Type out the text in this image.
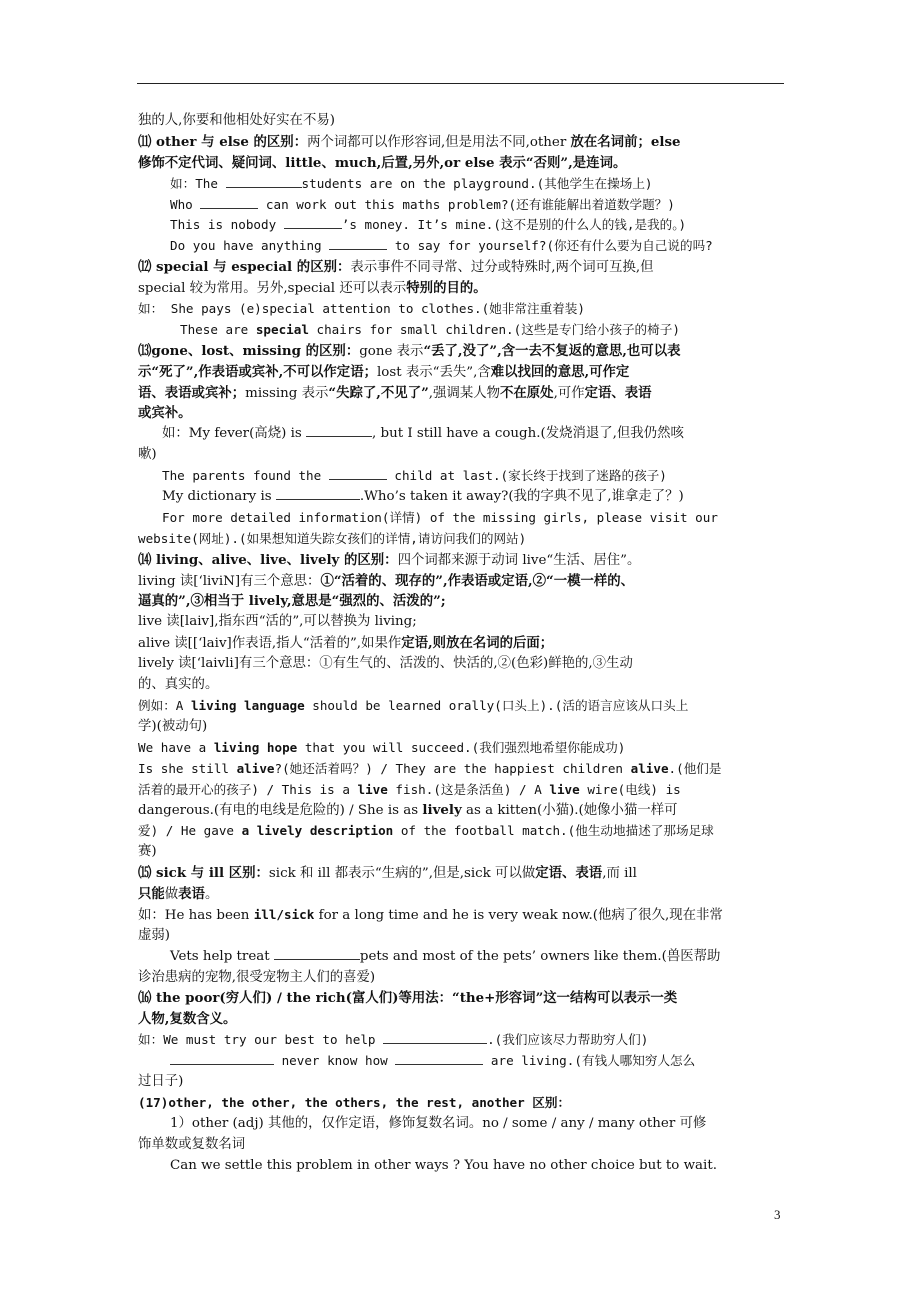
独的人,你要和他相处好实在不易)
⑾ other 与 else 的区别：两个词都可以作形容词,但是用法不同,other 放在名词前；else
修饰不定代词、疑问词、little、much,后置,另外,or else 表示“否则”,是连词。
如：The	students are on the playground.(其他学生在操场上)
Who	can work out this maths problem?(还有谁能解出着道数学题？)
This is nobody	’s money. It’s mine.(这不是别的什么人的钱,是我的。)
Do you have anything	to say for yourself?(你还有什么要为自己说的吗?
⑿ special 与 especial 的区别：表示事件不同寻常、过分或特殊时,两个词可互换,但
special 较为常用。另外,special 还可以表示特别的目的。
如： She pays (e)special attention to clothes.(她非常注重着装)
These are special chairs for small children.(这些是专门给小孩子的椅子)
⒀gone、lost、missing 的区别：gone 表示“丢了,没了”,含一去不复返的意思,也可以表
示“死了”,作表语或宾补,不可以作定语；lost 表示“丢失”,含难以找回的意思,可作定
语、表语或宾补；missing 表示“失踪了,不见了”,强调某人物不在原处,可作定语、表语
或宾补。
如：My fever(高烧) is	, but I still have a cough.(发烧消退了,但我仍然咳
嗽)
The parents found the	child at last.(家长终于找到了迷路的孩子)
My dictionary is	.Who’s taken it away?(我的字典不见了,谁拿走了？)
For more detailed information(详情) of the missing girls, please visit our
website(网址).(如果想知道失踪女孩们的详情,请访问我们的网站)
⒁ living、alive、live、lively 的区别：四个词都来源于动词 live“生活、居住”。
living 读[‘liviN]有三个意思：①“活着的、现存的”,作表语或定语,②“一模一样的、
逼真的”,③相当于 lively,意思是“强烈的、活泼的”;
live 读[laiv],指东西“活的”,可以替换为 living;
alive 读[[‘laiv]作表语,指人“活着的”,如果作定语,则放在名词的后面；
lively 读[‘laivli]有三个意思：①有生气的、活泼的、快活的,②(色彩)鲜艳的,③生动
的、真实的。
例如：A living language should be learned orally(口头上).(活的语言应该从口头上
学)(被动句)
We have a living hope that you will succeed.(我们强烈地希望你能成功)
Is she still alive?(她还活着吗？) / They are the happiest children alive.(他们是
活着的最开心的孩子) / This is a live fish.(这是条活鱼) / A live wire(电线) is
dangerous.(有电的电线是危险的) / She is as lively as a kitten(小猫).(她像小猫一样可
爱) / He gave a lively description of the football match.(他生动地描述了那场足球
赛)
⒂ sick 与 ill 区别：sick 和 ill 都表示“生病的”,但是,sick 可以做定语、表语,而 ill
只能做表语。
如：He has been ill/sick for a long time and he is very weak now.(他病了很久,现在非常
虚弱)
Vets help treat	pets and most of the pets’ owners like them.(兽医帮助
诊治患病的宠物,很受宠物主人们的喜爱)
⒃ the poor(穷人们) / the rich(富人们)等用法：“the+形容词”这一结构可以表示一类
人物,复数含义。
如：We must try our best to help	.(我们应该尽力帮助穷人们)
never know how	are living.(有钱人哪知穷人怎么
过日子)
(17)other, the other, the others, the rest, another 区别：
1）other (adj) 其他的，仅作定语，修饰复数名词。no / some / any / many other 可修
饰单数或复数名词
Can we settle this problem in other ways ? You have no other choice but to wait.
3
